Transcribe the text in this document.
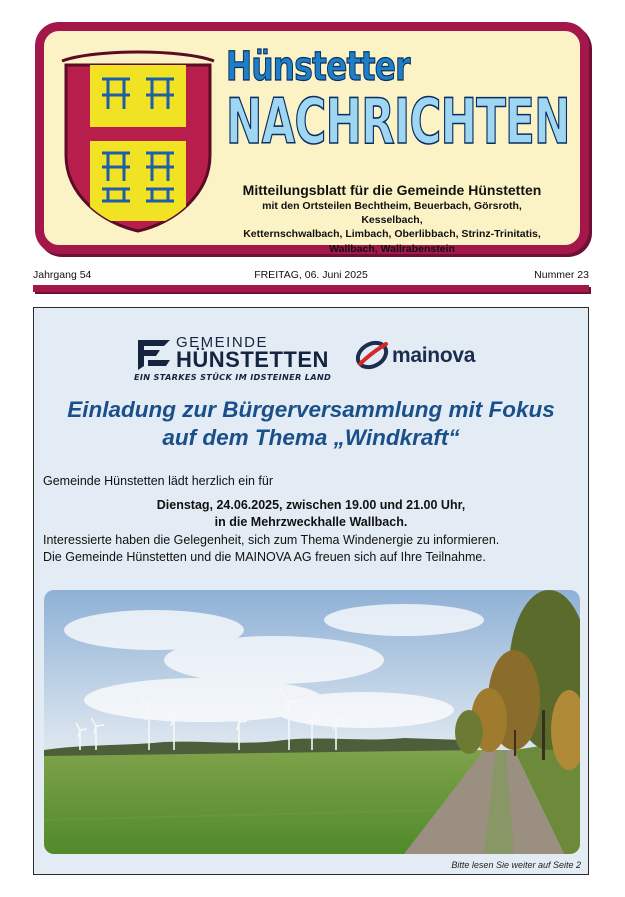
Hünstetter
NACHRICHTEN
Mitteilungsblatt für die Gemeinde Hünstetten
mit den Ortsteilen Bechtheim, Beuerbach, Görsroth, Kesselbach,
Ketternschwalbach, Limbach, Oberlibbach, Strinz-Trinitatis,
Wallbach, Wallrabenstein
Jahrgang 54	FREITAG, 06. Juni 2025	Nummer 23
GEMEINDE
HÜNSTETTEN
EIN STARKES STÜCK IM IDSTEINER LAND
mainova
Einladung zur Bürgerversammlung mit Fokus
auf dem Thema „Windkraft“
Gemeinde Hünstetten lädt herzlich ein für
Dienstag, 24.06.2025, zwischen 19.00 und 21.00 Uhr,
in die Mehrzweckhalle Wallbach.
Interessierte haben die Gelegenheit, sich zum Thema Windenergie zu informieren.
Die Gemeinde Hünstetten und die MAINOVA AG freuen sich auf Ihre Teilnahme.
Bitte lesen Sie weiter auf Seite 2
